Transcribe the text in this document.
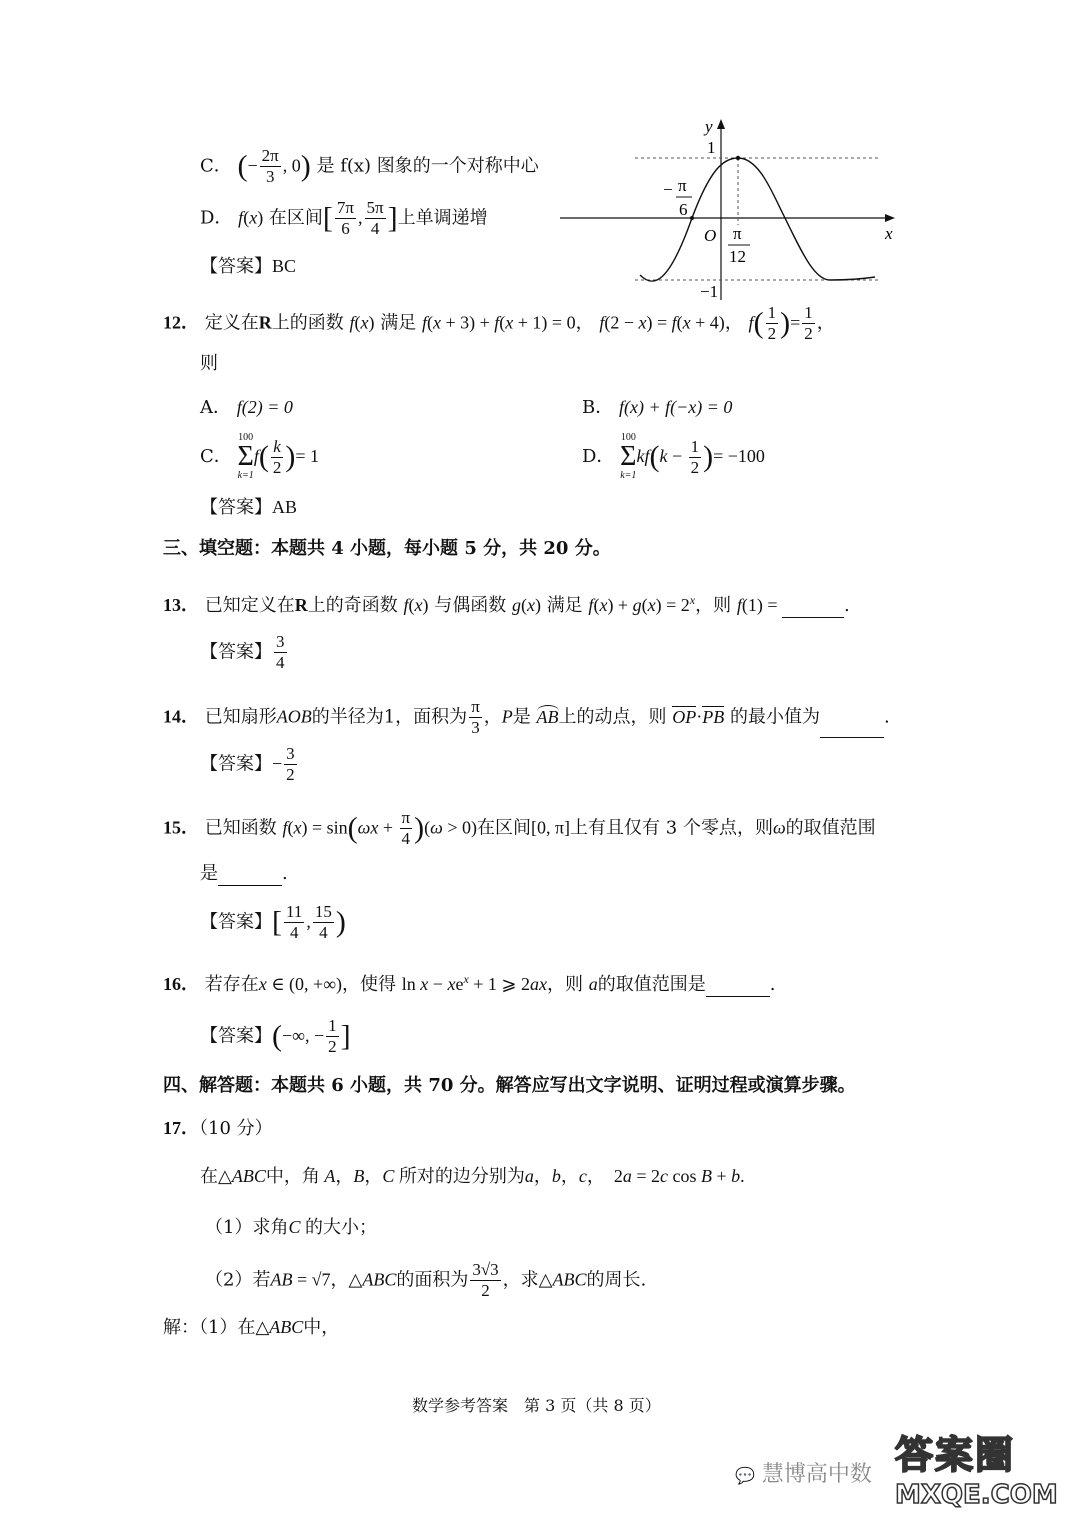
C． (− $\frac{2\pi}{3}$ , 0) 是 f(x) 图象的一个对称中心
D． f(x) 在区间[ $\frac{7\pi}{6}$ , $\frac{5\pi}{4}$ ]上单调递增
【答案】BC
y
x
O
1
−1
− π
6
π
12
12． 定义在R上的函数 f(x) 满足 f(x + 3) + f(x + 1) = 0， f(2 − x) = f(x + 4)， $f( \frac{1}{2}$ )= $\frac{1}{2}$ ，
则
A． f(2) = 0	B． f(x) + f(−x) = 0
C．
100
Σ
k=1
$f( \frac{k}{2}$ )= 1	D．
100
Σ
k=1
$kf(k - \frac{1}{2}$ )= −100
【答案】AB
三、填空题：本题共 4 小题，每小题 5 分，共 20 分。
13． 已知定义在R上的奇函数 f(x) 与偶函数 g(x) 满足 $f(x) + g(x) = 2^x$，则 f(1) =	.
【答案】 $\frac{3}{4}$
14． 已知扇形AOB的半径为1，面积为 $\frac{\pi}{3}$ ，P是 AB上的动点，则 OP·PB 的最小值为	.
【答案】− $\frac{3}{2}$
15． 已知函数 $f(x) = \sin(\omega x + \frac{\pi}{4} )(\omega > 0)$在区间[0, π]上有且仅有 3 个零点，则ω的取值范围
是	.
【答案】[ $\frac{11}{4}$ , $\frac{15}{4}$ )
16． 若存在x ∈ (0, +∞)，使得 $\ln x - xe^x + 1$ ⩾ 2ax，则 a的取值范围是	.
【答案】(−∞, − $\frac{1}{2}$ ]
四、解答题：本题共 6 小题，共 70 分。解答应写出文字说明、证明过程或演算步骤。
17．（10 分）
在△ABC中，角 A，B，C 所对的边分别为a，b，c，　2a = 2c cos B + b.
（1）求角C 的大小；
（2）若AB = √7，△ABC的面积为 $\frac{3√3}{2}$ ，求△ABC的周长.
解：（1）在△ABC中，
数学参考答案　第 3 页（共 8 页）
💬 慧博高中数 答案圈
MXQE.COM
